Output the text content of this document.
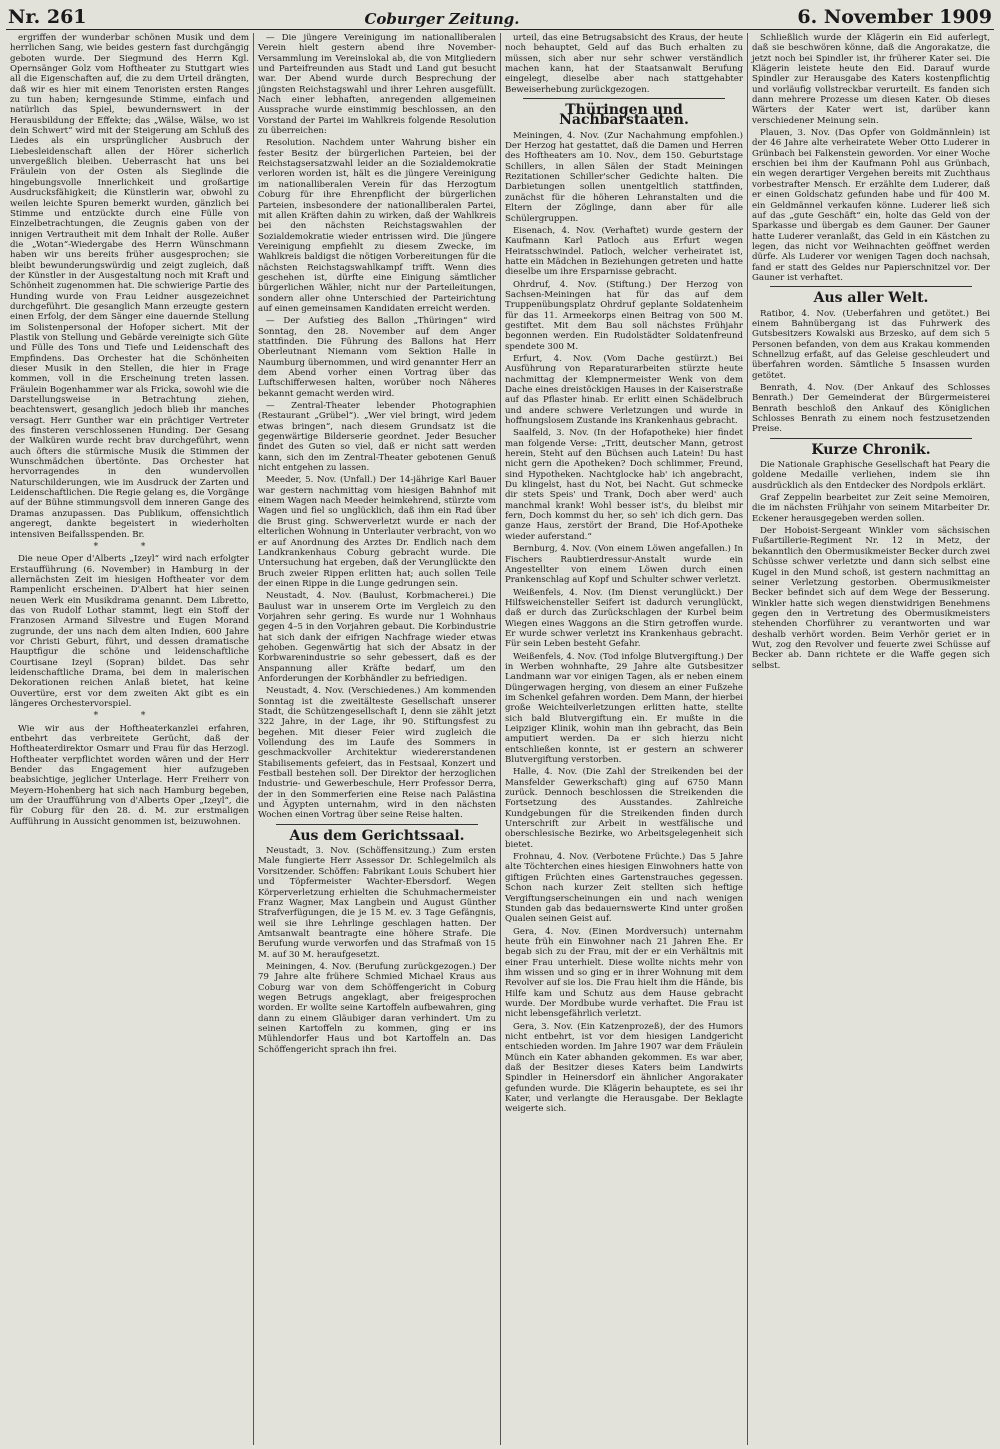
Nr. 261	Coburger Zeitung.	6. November 1909

ergriffen der wunderbar schönen Musik und dem herrlichen Sang, wie beides gestern fast durchgängig geboten wurde. Der Siegmund des Herrn Kgl. Opernsänger Golz vom Hoftheater zu Stuttgart wies all die Eigenschaften auf, die zu dem Urteil drängten, daß wir es hier mit einem Tenoristen ersten Ranges zu tun haben; kerngesunde Stimme, einfach und natürlich das Spiel, bewundernswert in der Herausbildung der Effekte; das „Wälse, Wälse, wo ist dein Schwert“ wird mit der Steigerung am Schluß des Liedes als ein ursprünglicher Ausbruch der Liebesleidenschaft allen der Hörer sicherlich unvergeßlich bleiben. Ueberrascht hat uns bei Fräulein von der Osten als Sieglinde die hingebungsvolle Innerlichkeit und großartige Ausdrucksfähigkeit; die Künstlerin war, obwohl zu weilen leichte Spuren bemerkt wurden, gänzlich bei Stimme und entzückte durch eine Fülle von Einzelbetrachtungen, die Zeugnis gaben von der innigen Vertrautheit mit dem Inhalt der Rolle. Außer die „Wotan“-Wiedergabe des Herrn Wünschmann haben wir uns bereits früher ausgesprochen; sie bleibt bewunderungswürdig und zeigt zugleich, daß der Künstler in der Ausgestaltung noch mit Kraft und Schönheit zugenommen hat. Die schwierige Partie des Hunding wurde von Frau Leidner ausgezeichnet durchgeführt. Die gesanglich Mann erzeugte gestern einen Erfolg, der dem Sänger eine dauernde Stellung im Solistenpersonal der Hofoper sichert. Mit der Plastik von Stellung und Gebärde vereinigte sich Güte und Fülle des Tons und Tiefe und Leidenschaft des Empfindens. Das Orchester hat die Schönheiten dieser Musik in den Stellen, die hier in Frage kommen, voll in die Erscheinung treten lassen. Fräulein Bogenhammer war als Fricka, sowohl wie die Darstellungsweise in Betrachtung ziehen, beachtenswert, gesanglich jedoch blieb ihr manches versagt. Herr Gunther war ein prächtiger Vertreter des finsteren verschlossenen Hunding. Der Gesang der Walküren wurde recht brav durchgeführt, wenn auch öfters die stürmische Musik die Stimmen der Wunschmädchen übertönte. Das Orchester hat hervorragendes in den wundervollen Naturschilderungen, wie im Ausdruck der Zarten und Leidenschaftlichen. Die Regie gelang es, die Vorgänge auf der Bühne stimmungsvoll dem inneren Gange des Dramas anzupassen. Das Publikum, offensichtlich angeregt, dankte begeistert in wiederholten intensiven Beifallsspenden. Br.

* *

Die neue Oper d'Alberts „Izeyl“ wird nach erfolgter Erstaufführung (6. November) in Hamburg in der allernächsten Zeit im hiesigen Hoftheater vor dem Rampenlicht erscheinen. D'Albert hat hier seinen neuen Werk ein Musikdrama genannt. Dem Libretto, das von Rudolf Lothar stammt, liegt ein Stoff der Franzosen Armand Silvestre und Eugen Morand zugrunde, der uns nach dem alten Indien, 600 Jahre vor Christi Geburt, führt, und dessen dramatische Hauptfigur die schöne und leidenschaftliche Courtisane Izeyl (Sopran) bildet. Das sehr leidenschaftliche Drama, bei dem in malerischen Dekorationen reichen Anlaß bietet, hat keine Ouvertüre, erst vor dem zweiten Akt gibt es ein längeres Orchestervorspiel.

* *

Wie wir aus der Hoftheaterkanzlei erfahren, entbehrt das verbreitete Gerücht, daß der Hoftheaterdirektor Osmarr und Frau für das Herzogl. Hoftheater verpflichtet worden wären und der Herr Bender das Engagement hier aufzugeben beabsichtige, jeglicher Unterlage. Herr Freiherr von Meyern-Hohenberg hat sich nach Hamburg begeben, um der Uraufführung von d'Alberts Oper „Izeyl“, die für Coburg für den 28. d. M. zur erstmaligen Aufführung in Aussicht genommen ist, beizuwohnen.

— Die jüngere Vereinigung im nationalliberalen Verein hielt gestern abend ihre November-Versammlung im Vereinslokal ab, die von Mitgliedern und Parteifreunden aus Stadt und Land gut besucht war. Der Abend wurde durch Besprechung der jüngsten Reichstagswahl und ihrer Lehren ausgefüllt. Nach einer lebhaften, anregenden allgemeinen Aussprache wurde einstimmig beschlossen, an den Vorstand der Partei im Wahlkreis folgende Resolution zu überreichen:

Resolution. Nachdem unter Wahrung bisher ein fester Besitz der bürgerlichen Parteien, bei der Reichstagsersatzwahl leider an die Sozialdemokratie verloren worden ist, hält es die jüngere Vereinigung im nationalliberalen Verein für das Herzogtum Coburg für ihre Ehrenpflicht der bürgerlichen Parteien, insbesondere der nationalliberalen Partei, mit allen Kräften dahin zu wirken, daß der Wahlkreis bei den nächsten Reichstagswahlen der Sozialdemokratie wieder entrissen wird. Die jüngere Vereinigung empfiehlt zu diesem Zwecke, im Wahlkreis baldigst die nötigen Vorbereitungen für die nächsten Reichstagswahlkampf trifft. Wenn dies geschehen ist, dürfte eine Einigung sämtlicher bürgerlichen Wähler, nicht nur der Parteileitungen, sondern aller ohne Unterschied der Parteirichtung auf einen gemeinsamen Kandidaten erreicht werden.

— Der Aufstieg des Ballon „Thüringen“ wird Sonntag, den 28. November auf dem Anger stattfinden. Die Führung des Ballons hat Herr Oberleutnant Niemann vom Sektion Halle in Naumburg übernommen, und wird genannter Herr an dem Abend vorher einen Vortrag über das Luftschifferwesen halten, worüber noch Näheres bekannt gemacht werden wird.

— Zentral-Theater lebender Photographien (Restaurant „Grübel“). „Wer viel bringt, wird jedem etwas bringen“, nach diesem Grundsatz ist die gegenwärtige Bilderserie geordnet. Jeder Besucher findet des Guten so viel, daß er nicht satt werden kann, sich den im Zentral-Theater gebotenen Genuß nicht entgehen zu lassen.

Meeder, 5. Nov. (Unfall.) Der 14-jährige Karl Bauer war gestern nachmittag vom hiesigen Bahnhof mit einem Wagen nach Meeder heimkehrend, stürzte vom Wagen und fiel so unglücklich, daß ihm ein Rad über die Brust ging. Schwerverletzt wurde er nach der elterlichen Wohnung in Unterlauter verbracht, von wo er auf Anordnung des Arztes Dr. Endlich nach dem Landkrankenhaus Coburg gebracht wurde. Die Untersuchung hat ergeben, daß der Verunglückte den Bruch zweier Rippen erlitten hat; auch sollen Teile der einen Rippe in die Lunge gedrungen sein.

Neustadt, 4. Nov. (Baulust, Korbmacherei.) Die Baulust war in unserem Orte im Vergleich zu den Vorjahren sehr gering. Es wurde nur 1 Wohnhaus gegen 4–5 in den Vorjahren gebaut. Die Korbindustrie hat sich dank der eifrigen Nachfrage wieder etwas gehoben. Gegenwärtig hat sich der Absatz in der Korbwarenindustrie so sehr gebessert, daß es der Anspannung aller Kräfte bedarf, um den Anforderungen der Korbhändler zu befriedigen.

Neustadt, 4. Nov. (Verschiedenes.) Am kommenden Sonntag ist die zweitälteste Gesellschaft unserer Stadt, die Schützengesellschaft I, denn sie zählt jetzt 322 Jahre, in der Lage, ihr 90. Stiftungsfest zu begehen. Mit dieser Feier wird zugleich die Vollendung des im Laufe des Sommers in geschmackvoller Architektur wiedererstandenen Stabilisements gefeiert, das in Festsaal, Konzert und Festball bestehen soll. Der Direktor der herzoglichen Industrie- und Gewerbeschule, Herr Professor Derra, der in den Sommerferien eine Reise nach Palästina und Ägypten unternahm, wird in den nächsten Wochen einen Vortrag über seine Reise halten.

Aus dem Gerichtssaal.

Neustadt, 3. Nov. (Schöffensitzung.) Zum ersten Male fungierte Herr Assessor Dr. Schlegelmilch als Vorsitzender. Schöffen: Fabrikant Louis Schubert hier und Töpfermeister Wachter-Ebersdorf. Wegen Körperverletzung erhielten die Schuhmachermeister Franz Wagner, Max Langbein und August Günther Strafverfügungen, die je 15 M. ev. 3 Tage Gefängnis, weil sie ihre Lehrlinge geschlagen hatten. Der Amtsanwalt beantragte eine höhere Strafe. Die Berufung wurde verworfen und das Strafmaß von 15 M. auf 30 M. heraufgesetzt.

Meiningen, 4. Nov. (Berufung zurückgezogen.) Der 79 Jahre alte frühere Schmied Michael Kraus aus Coburg war von dem Schöffengericht in Coburg wegen Betrugs angeklagt, aber freigesprochen worden. Er wollte seine Kartoffeln aufbewahren, ging dann zu einem Gläubiger daran verhindert. Um zu seinen Kartoffeln zu kommen, ging er ins Mühlendorfer Haus und bot Kartoffeln an. Das Schöffengericht sprach ihn frei.

urteil, das eine Betrugsabsicht des Kraus, der heute noch behauptet, Geld auf das Buch erhalten zu müssen, sich aber nur sehr schwer verständlich machen kann, hat der Staatsanwalt Berufung eingelegt, dieselbe aber nach stattgehabter Beweiserhebung zurückgezogen.

Thüringen und Nachbarstaaten.

Meiningen, 4. Nov. (Zur Nachahmung empfohlen.) Der Herzog hat gestattet, daß die Damen und Herren des Hoftheaters am 10. Nov., dem 150. Geburtstage Schillers, in allen Sälen der Stadt Meiningen Rezitationen Schiller'scher Gedichte halten. Die Darbietungen sollen unentgeltlich stattfinden, zunächst für die höheren Lehranstalten und die Eltern der Zöglinge, dann aber für alle Schülergruppen.

Eisenach, 4. Nov. (Verhaftet) wurde gestern der Kaufmann Karl Patloch aus Erfurt wegen Heiratsschwindel. Patloch, welcher verheiratet ist, hatte ein Mädchen in Beziehungen getreten und hatte dieselbe um ihre Ersparnisse gebracht.

Ohrdruf, 4. Nov. (Stiftung.) Der Herzog von Sachsen-Meiningen hat für das auf dem Truppenübungsplatz Ohrdruf geplante Soldatenheim für das 11. Armeekorps einen Beitrag von 500 M. gestiftet. Mit dem Bau soll nächstes Frühjahr begonnen werden. Ein Rudolstädter Soldatenfreund spendete 300 M.

Erfurt, 4. Nov. (Vom Dache gestürzt.) Bei Ausführung von Reparaturarbeiten stürzte heute nachmittag der Klempnermeister Wenk von dem Dache eines dreistöckigen Hauses in der Kaiserstraße auf das Pflaster hinab. Er erlitt einen Schädelbruch und andere schwere Verletzungen und wurde in hoffnungslosem Zustande ins Krankenhaus gebracht.

Saalfeld, 3. Nov. (In der Hofapotheke) hier findet man folgende Verse: „Tritt, deutscher Mann, getrost herein, Steht auf den Büchsen auch Latein! Du hast nicht gern die Apotheken? Doch schlimmer, Freund, sind Hypotheken. Nachtglocke hab' ich angebracht, Du klingelst, hast du Not, bei Nacht. Gut schmecke dir stets Speis' und Trank, Doch aber werd' auch manchmal krank! Wohl besser ist's, du bleibst mir fern, Doch kommst du her, so seh' ich dich gern. Das ganze Haus, zerstört der Brand, Die Hof-Apotheke wieder auferstand.“

Bernburg, 4. Nov. (Von einem Löwen angefallen.) In Fischers Raubtierdressur-Anstalt wurde ein Angestellter von einem Löwen durch einen Prankenschlag auf Kopf und Schulter schwer verletzt.

Weißenfels, 4. Nov. (Im Dienst verunglückt.) Der Hilfsweichensteller Seifert ist dadurch verunglückt, daß er durch das Zurückschlagen der Kurbel beim Wiegen eines Waggons an die Stirn getroffen wurde. Er wurde schwer verletzt ins Krankenhaus gebracht. Für sein Leben besteht Gefahr.

Weißenfels, 4. Nov. (Tod infolge Blutvergiftung.) Der in Werben wohnhafte, 29 Jahre alte Gutsbesitzer Landmann war vor einigen Tagen, als er neben einem Düngerwagen herging, von diesem an einer Fußzehe im Schenkel gefahren worden. Dem Mann, der hierbei große Weichteilverletzungen erlitten hatte, stellte sich bald Blutvergiftung ein. Er mußte in die Leipziger Klinik, wohin man ihn gebracht, das Bein amputiert werden. Da er sich hierzu nicht entschließen konnte, ist er gestern an schwerer Blutvergiftung verstorben.

Halle, 4. Nov. (Die Zahl der Streikenden bei der Mansfelder Gewerkschaft) ging auf 6750 Mann zurück. Dennoch beschlossen die Streikenden die Fortsetzung des Ausstandes. Zahlreiche Kundgebungen für die Streikenden finden durch Unterschrift zur Arbeit in westfälische und oberschlesische Bezirke, wo Arbeitsgelegenheit sich bietet.

Frohnau, 4. Nov. (Verbotene Früchte.) Das 5 Jahre alte Töchterchen eines hiesigen Einwohners hatte von giftigen Früchten eines Gartenstrauches gegessen. Schon nach kurzer Zeit stellten sich heftige Vergiftungserscheinungen ein und nach wenigen Stunden gab das bedauernswerte Kind unter großen Qualen seinen Geist auf.

Gera, 4. Nov. (Einen Mordversuch) unternahm heute früh ein Einwohner nach 21 Jahren Ehe. Er begab sich zu der Frau, mit der er ein Verhältnis mit einer Frau unterhielt. Diese wollte nichts mehr von ihm wissen und so ging er in ihrer Wohnung mit dem Revolver auf sie los. Die Frau hielt ihm die Hände, bis Hilfe kam und Schutz aus dem Hause gebracht wurde. Der Mordbube wurde verhaftet. Die Frau ist nicht lebensgefährlich verletzt.

Gera, 3. Nov. (Ein Katzenprozeß), der des Humors nicht entbehrt, ist vor dem hiesigen Landgericht entschieden worden. Im Jahre 1907 war dem Fräulein Münch ein Kater abhanden gekommen. Es war aber, daß der Besitzer dieses Katers beim Landwirts Spindler in Heinersdorf ein ähnlicher Angorakater gefunden wurde. Die Klägerin behauptete, es sei ihr Kater, und verlangte die Herausgabe. Der Beklagte weigerte sich.

Schließlich wurde der Klägerin ein Eid auferlegt, daß sie beschwören könne, daß die Angorakatze, die jetzt noch bei Spindler ist, ihr früherer Kater sei. Die Klägerin leistete heute den Eid. Darauf wurde Spindler zur Herausgabe des Katers kostenpflichtig und vorläufig vollstreckbar verurteilt. Es fanden sich dann mehrere Prozesse um diesen Kater. Ob dieses Wärters der Kater wert ist, darüber kann verschiedener Meinung sein.

Plauen, 3. Nov. (Das Opfer von Goldmännlein) ist der 46 Jahre alte verheiratete Weber Otto Luderer in Grünbach bei Falkenstein geworden. Vor einer Woche erschien bei ihm der Kaufmann Pohl aus Grünbach, ein wegen derartiger Vergehen bereits mit Zuchthaus vorbestrafter Mensch. Er erzählte dem Luderer, daß er einen Goldschatz gefunden habe und für 400 M. ein Geldmännel verkaufen könne. Luderer ließ sich auf das „gute Geschäft“ ein, holte das Geld von der Sparkasse und übergab es dem Gauner. Der Gauner hatte Luderer veranlaßt, das Geld in ein Kästchen zu legen, das nicht vor Weihnachten geöffnet werden dürfe. Als Luderer vor wenigen Tagen doch nachsah, fand er statt des Geldes nur Papierschnitzel vor. Der Gauner ist verhaftet.

Aus aller Welt.

Ratibor, 4. Nov. (Ueberfahren und getötet.) Bei einem Bahnübergang ist das Fuhrwerk des Gutsbesitzers Kowalski aus Brzesko, auf dem sich 5 Personen befanden, von dem aus Krakau kommenden Schnellzug erfaßt, auf das Geleise geschleudert und überfahren worden. Sämtliche 5 Insassen wurden getötet.

Benrath, 4. Nov. (Der Ankauf des Schlosses Benrath.) Der Gemeinderat der Bürgermeisterei Benrath beschloß den Ankauf des Königlichen Schlosses Benrath zu einem noch festzusetzenden Preise.

Kurze Chronik.

Die Nationale Graphische Gesellschaft hat Peary die goldene Medaille verliehen, indem sie ihn ausdrücklich als den Entdecker des Nordpols erklärt.

Graf Zeppelin bearbeitet zur Zeit seine Memoiren, die im nächsten Frühjahr von seinem Mitarbeiter Dr. Eckener herausgegeben werden sollen.

Der Hoboist-Sergeant Winkler vom sächsischen Fußartillerie-Regiment Nr. 12 in Metz, der bekanntlich den Obermusikmeister Becker durch zwei Schüsse schwer verletzte und dann sich selbst eine Kugel in den Mund schoß, ist gestern nachmittag an seiner Verletzung gestorben. Obermusikmeister Becker befindet sich auf dem Wege der Besserung. Winkler hatte sich wegen dienstwidrigen Benehmens gegen den in Vertretung des Obermusikmeisters stehenden Chorführer zu verantworten und war deshalb verhört worden. Beim Verhör geriet er in Wut, zog den Revolver und feuerte zwei Schüsse auf Becker ab. Dann richtete er die Waffe gegen sich selbst.
